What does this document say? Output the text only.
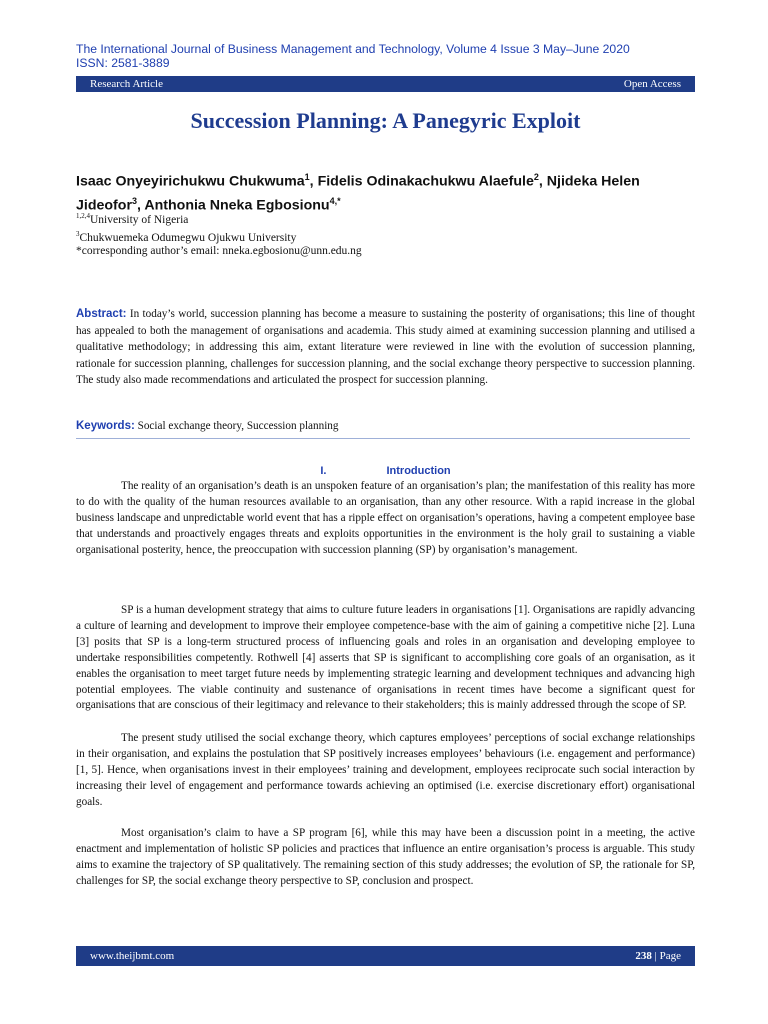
The International Journal of Business Management and Technology, Volume 4 Issue 3 May–June 2020
ISSN: 2581-3889
Research Article	Open Access
Succession Planning: A Panegyric Exploit
Isaac Onyeyirichukwu Chukwuma$^1$, Fidelis Odinakachukwu Alaefule$^2$, Njideka Helen Jideofor$^3$, Anthonia Nneka Egbosionu$^{4,*}$
$^{1,2,4}$University of Nigeria
$^3$Chukwuemeka Odumegwu Ojukwu University
*corresponding author’s email: nneka.egbosionu@unn.edu.ng
Abstract: In today’s world, succession planning has become a measure to sustaining the posterity of organisations; this line of thought has appealed to both the management of organisations and academia. This study aimed at examining succession planning and utilised a qualitative methodology; in addressing this aim, extant literature were reviewed in line with the evolution of succession planning, rationale for succession planning, challenges for succession planning, and the social exchange theory perspective to succession planning. The study also made recommendations and articulated the prospect for succession planning.
Keywords: Social exchange theory, Succession planning
I.	Introduction

The reality of an organisation’s death is an unspoken feature of an organisation’s plan; the manifestation of this reality has more to do with the quality of the human resources available to an organisation, than any other resource. With a rapid increase in the global business landscape and unpredictable world event that has a ripple effect on organisation’s operations, having a competent employee base that understands and proactively engages threats and exploits opportunities in the environment is the holy grail to sustaining a viable organisational posterity, hence, the preoccupation with succession planning (SP) by organisation’s management.

SP is a human development strategy that aims to culture future leaders in organisations [1]. Organisations are rapidly advancing a culture of learning and development to improve their employee competence-base with the aim of gaining a competitive niche [2]. Luna [3] posits that SP is a long-term structured process of influencing goals and roles in an organisation and developing employee to undertake responsibilities competently. Rothwell [4] asserts that SP is significant to accomplishing core goals of an organisation, as it enables the organisation to meet target future needs by implementing strategic learning and development techniques and advancing high potential employees. The viable continuity and sustenance of organisations in recent times have become a significant quest for organisations that are conscious of their legitimacy and relevance to their stakeholders; this is mainly addressed through the scope of SP.

The present study utilised the social exchange theory, which captures employees’ perceptions of social exchange relationships in their organisation, and explains the postulation that SP positively increases employees’ behaviours (i.e. engagement and performance) [1, 5]. Hence, when organisations invest in their employees’ training and development, employees reciprocate such social interaction by increasing their level of engagement and performance towards achieving an optimised (i.e. exercise discretionary effort) organisational goals.

Most organisation’s claim to have a SP program [6], while this may have been a discussion point in a meeting, the active enactment and implementation of holistic SP policies and practices that influence an entire organisation’s process is arguable. This study aims to examine the trajectory of SP qualitatively. The remaining section of this study addresses; the evolution of SP, the rationale for SP, challenges for SP, the social exchange theory perspective to SP, conclusion and prospect.

www.theijbmt.com	238 | Page
